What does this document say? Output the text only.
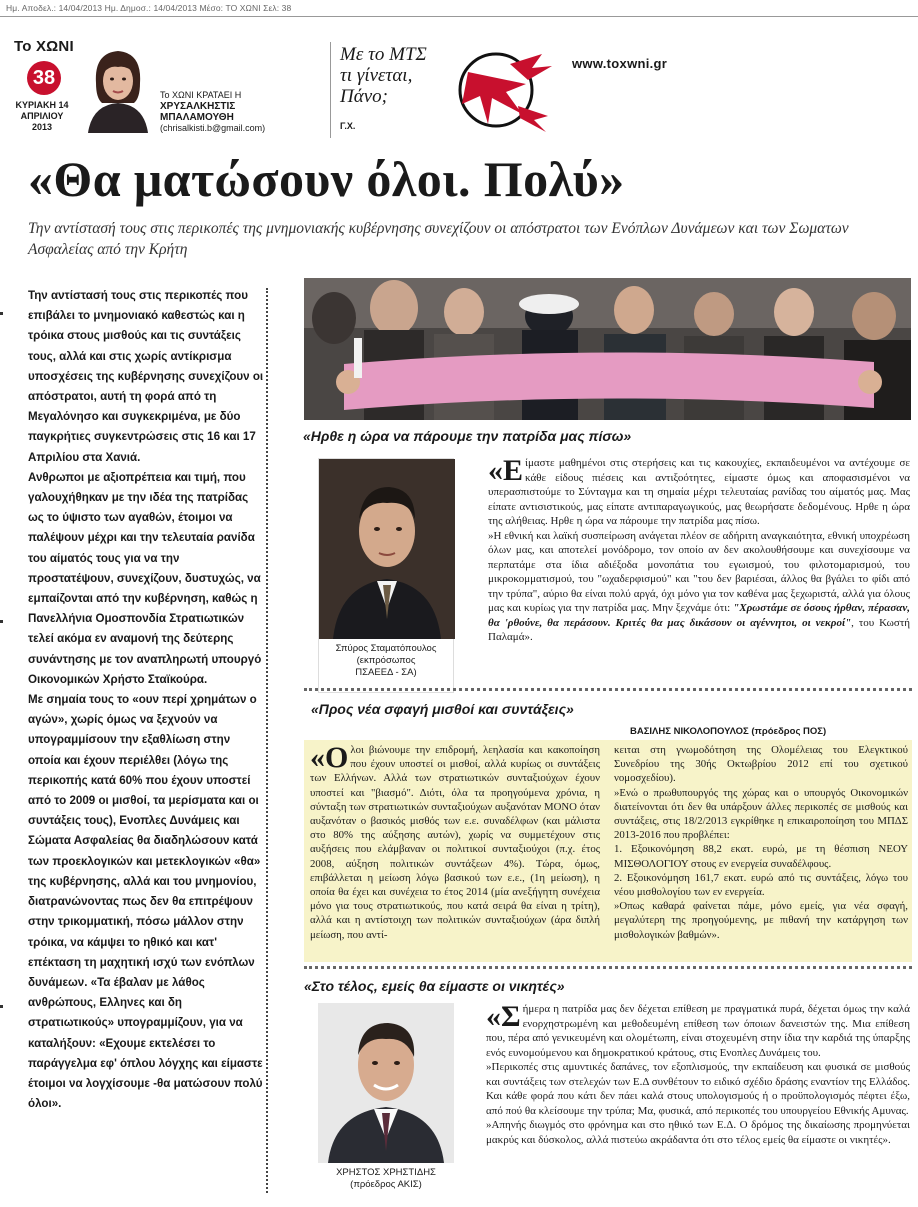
Ημ. Αποδελ.: 14/04/2013 Ημ. Δημοσ.: 14/04/2013 Μέσο: ΤΟ ΧΩΝΙ Σελ: 38
Το ΧΩΝΙ
38
ΚΥΡΙΑΚΗ 14
ΑΠΡΙΛΙΟΥ
2013
Το ΧΩΝΙ ΚΡΑΤΑΕΙ Η
ΧΡΥΣΑΛΚΗΣΤΙΣ
ΜΠΑΛΑΜΟΥΘΗ
(chrisalkisti.b@gmail.com)
Με το ΜΤΣ
τι γίνεται,
Πάνο;
Γ.Χ.
www.toxwni.gr
«Θα ματώσουν όλοι. Πολύ»
Την αντίστασή τους στις περικοπές της μνημονιακής κυβέρνησης συνεχίζουν οι απόστρατοι των Ενόπλων Δυνάμεων και των Σωματων Ασφαλείας από την Κρήτη

Την αντίστασή τους στις περικοπές που επιβάλει το μνημονιακό καθεστώς και η τρόικα στους μισθούς και τις συντάξεις τους, αλλά και στις χωρίς αντίκρισμα υποσχέσεις της κυβέρνησης συνεχίζουν οι απόστρατοι, αυτή τη φορά από τη Μεγαλόνησο και συγκεκριμένα, με δύο παγκρήτιες συγκεντρώσεις στις 16 και 17 Απριλίου στα Χανιά.

Ανθρωποι με αξιοπρέπεια και τιμή, που γαλουχήθηκαν με την ιδέα της πατρίδας ως το ύψιστο των αγαθών, έτοιμοι να παλέψουν μέχρι και την τελευταία ρανίδα του αίματός τους για να την προστατέψουν, συνεχίζουν, δυστυχώς, να εμπαίζονται από την κυβέρνηση, καθώς η Πανελλήνια Ομοσπονδία Στρατιωτικών τελεί ακόμα εν αναμονή της δεύτερης συνάντησης με τον αναπληρωτή υπουργό Οικονομικών Χρήστο Σταϊκούρα.

Με σημαία τους το «ουν περί χρημάτων ο αγών», χωρίς όμως να ξεχνούν να υπογραμμίσουν την εξαθλίωση στην οποία και έχουν περιέλθει (λόγω της περικοπής κατά 60% που έχουν υποστεί από το 2009 οι μισθοί, τα μερίσματα και οι συντάξεις τους), Ενοπλες Δυνάμεις και Σώματα Ασφαλείας θα διαδηλώσουν κατά των προεκλογικών και μετεκλογικών «θα» της κυβέρνησης, αλλά και του μνημονίου, διατρανώνοντας πως δεν θα επιτρέψουν στην τρικομματική, πόσω μάλλον στην τρόικα, να κάμψει το ηθικό και κατ' επέκταση τη μαχητική ισχύ των ενόπλων δυνάμεων. «Τα έβαλαν με λάθος ανθρώπους, Ελληνες και δη στρατιωτικούς» υπογραμμίζουν, για να καταλήξουν: «Εχουμε εκτελέσει το παράγγελμα εφ' όπλου λόγχης και είμαστε έτοιμοι να λογχίσουμε -θα ματώσουν πολύ όλοι».

«Ηρθε η ώρα να πάρουμε την πατρίδα μας πίσω»
Σπύρος Σταματόπουλος
(εκπρόσωπος
ΠΣΑΕΕΔ - ΣΑ)

«Είμαστε μαθημένοι στις στερήσεις και τις κακουχίες, εκπαιδευμένοι να αντέχουμε σε κάθε είδους πιέσεις και αντιξοότητες, είμαστε όμως και αποφασισμένοι να υπερασπιστούμε το Σύνταγμα και τη σημαία μέχρι τελευταίας ρανίδας του αίματός μας. Μας είπατε αντισιστικούς, μας είπατε αντιπαραγωγικούς, μας θεωρήσατε δεδομένους. Ηρθε η ώρα της αλήθειας. Ηρθε η ώρα να πάρουμε την πατρίδα μας πίσω.

»Η εθνική και λαϊκή συσπείρωση ανάγεται πλέον σε αδήριτη αναγκαιότητα, εθνική υποχρέωση όλων μας, και αποτελεί μονόδρομο, τον οποίο αν δεν ακολουθήσουμε και συνεχίσουμε να περπατάμε στα ίδια αδιέξοδα μονοπάτια του εγωισμού, του φιλοτομαρισμού, του μικροκομματισμού, του "ωχαδερφισμού" και "του δεν βαριέσαι, άλλος θα βγάλει το φίδι από την τρύπα", αύριο θα είναι πολύ αργά, όχι μόνο για τον καθένα μας ξεχωριστά, αλλά για όλους μας και κυρίως για την πατρίδα μας. Μην ξεχνάμε ότι: "Χρωστάμε σε όσους ήρθαν, πέρασαν, θα 'ρθούνε, θα περάσουν. Κριτές θα μας δικάσουν οι αγέννητοι, οι νεκροί", του Κωστή Παλαμά».

«Προς νέα σφαγή μισθοί και συντάξεις»
ΒΑΣΙΛΗΣ ΝΙΚΟΛΟΠΟΥΛΟΣ (πρόεδρος ΠΟΣ)

«Ολοι βιώνουμε την επιδρομή, λεηλασία και κακοποίηση που έχουν υποστεί οι μισθοί, αλλά κυρίως οι συντάξεις των Ελλήνων. Αλλά των στρατιωτικών συνταξιούχων έχουν υποστεί και "βιασμό". Διότι, όλα τα προηγούμενα χρόνια, η σύνταξη των στρατιωτικών συνταξιούχων αυξανόταν ΜΟΝΟ όταν αυξανόταν ο βασικός μισθός των ε.ε. συναδέλφων (και μάλιστα στο 80% της αύξησης αυτών), χωρίς να συμμετέχουν στις αυξήσεις που ελάμβαναν οι πολιτικοί συνταξιούχοι (π.χ. έτος 2008, αύξηση πολιτικών συντάξεων 4%). Τώρα, όμως, επιβάλλεται η μείωση λόγω βασικού των ε.ε., (1η μείωση), η οποία θα έχει και συνέχεια το έτος 2014 (μία ανεξήγητη συνέχεια μόνο για τους στρατιωτικούς, που κατά σειρά θα είναι η τρίτη), αλλά και η αντίστοιχη των πολιτικών συνταξιούχων (άρα διπλή μείωση, που αντί-

κειται στη γνωμοδότηση της Ολομέλειας του Ελεγκτικού Συνεδρίου της 30ής Οκτωβρίου 2012 επί του σχετικού νομοσχεδίου).

»Ενώ ο πρωθυπουργός της χώρας και ο υπουργός Οικονομικών διατείνονται ότι δεν θα υπάρξουν άλλες περικοπές σε μισθούς και συντάξεις, στις 18/2/2013 εγκρίθηκε η επικαιροποίηση του ΜΠΔΣ 2013-2016 που προβλέπει:

1. Εξοικονόμηση 88,2 εκατ. ευρώ, με τη θέσπιση ΝΕΟΥ ΜΙΣΘΟΛΟΓΙΟΥ στους εν ενεργεία συναδέλφους.

2. Εξοικονόμηση 161,7 εκατ. ευρώ από τις συντάξεις, λόγω του νέου μισθολογίου των εν ενεργεία.

»Οπως καθαρά φαίνεται πάμε, μόνο εμείς, για νέα σφαγή, μεγαλύτερη της προηγούμενης, με πιθανή την κατάργηση των μισθολογικών βαθμών».

«Στο τέλος, εμείς θα είμαστε οι νικητές»
ΧΡΗΣΤΟΣ ΧΡΗΣΤΙΔΗΣ
(πρόεδρος ΑΚΙΣ)

«Σήμερα η πατρίδα μας δεν δέχεται επίθεση με πραγματικά πυρά, δέχεται όμως την καλά ενορχηστρωμένη και μεθοδευμένη επίθεση των όποιων δανειστών της. Μια επίθεση που, πέρα από γενικευμένη και ολομέτωπη, είναι στοχευμένη στην ίδια την καρδιά της ύπαρξης ενός ευνομούμενου και δημοκρατικού κράτους, στις Ενοπλες Δυνάμεις του.

»Περικοπές στις αμυντικές δαπάνες, τον εξοπλισμούς, την εκπαίδευση και φυσικά σε μισθούς και συντάξεις των στελεχών των Ε.Δ συνθέτουν το ειδικό σχέδιο δράσης εναντίον της Ελλάδος. Και κάθε φορά που κάτι δεν πάει καλά στους υπολογισμούς ή ο προϋπολογισμός πέφτει έξω, από πού θα κλείσουμε την τρύπα; Μα, φυσικά, από περικοπές του υπουργείου Εθνικής Αμυνας.

»Απηνής διωγμός στο φρόνημα και στο ηθικό των Ε.Δ. Ο δρόμος της δικαίωσης προμηνύεται μακρύς και δύσκολος, αλλά πιστεύω ακράδαντα ότι στο τέλος εμείς θα είμαστε οι νικητές».
